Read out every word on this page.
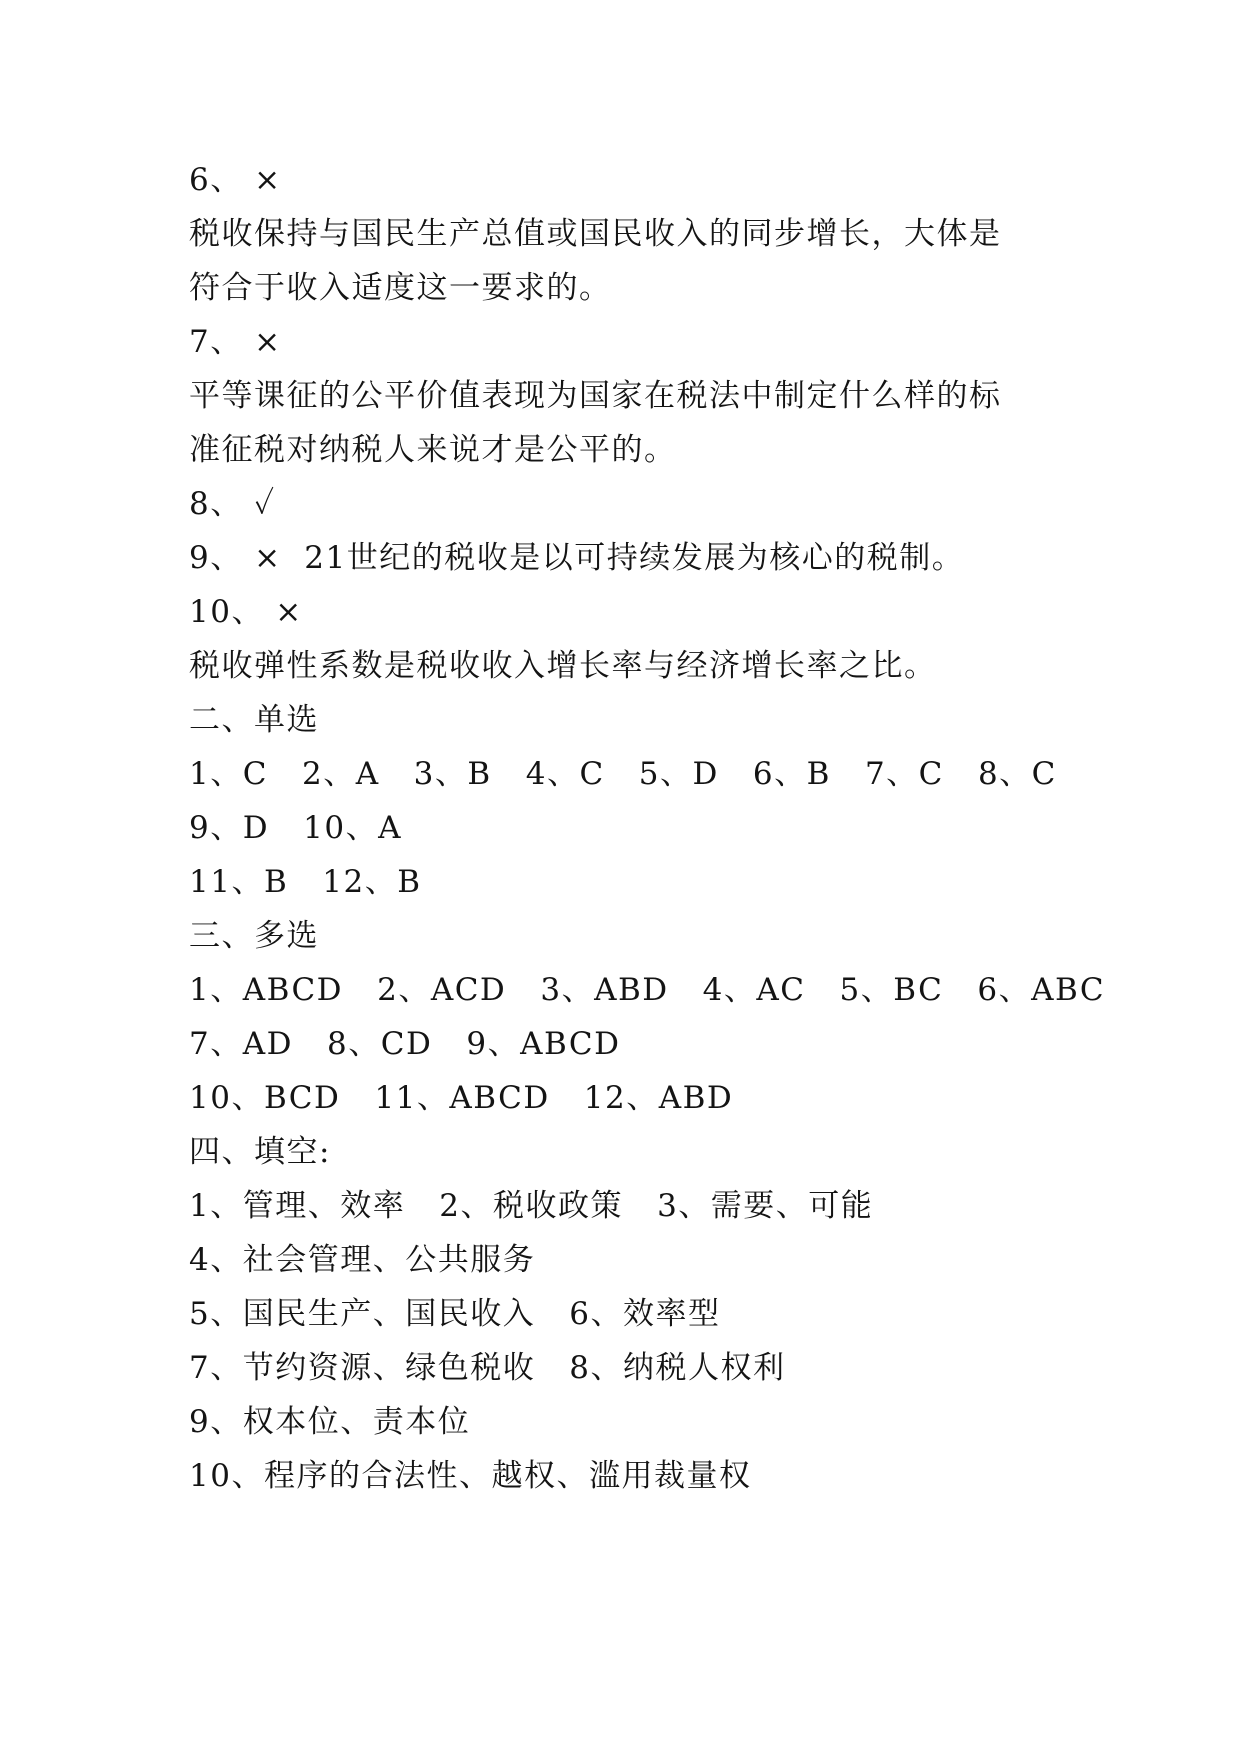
6、 ×
税收保持与国民生产总值或国民收入的同步增长，大体是
符合于收入适度这一要求的。
7、 ×
平等课征的公平价值表现为国家在税法中制定什么样的标
准征税对纳税人来说才是公平的。
8、 ✓
9、 ×  21世纪的税收是以可持续发展为核心的税制。
10、 ×
税收弹性系数是税收收入增长率与经济增长率之比。
二、单选
1、C   2、A   3、B   4、C   5、D   6、B   7、C   8、C
9、D   10、A
11、B   12、B
三、多选
1、ABCD   2、ACD   3、ABD   4、AC   5、BC   6、ABC
7、AD   8、CD   9、ABCD
10、BCD   11、ABCD   12、ABD
四、填空:
1、管理、效率   2、税收政策   3、需要、可能
4、社会管理、公共服务
5、国民生产、国民收入   6、效率型
7、节约资源、绿色税收   8、纳税人权利
9、权本位、责本位
10、程序的合法性、越权、滥用裁量权
